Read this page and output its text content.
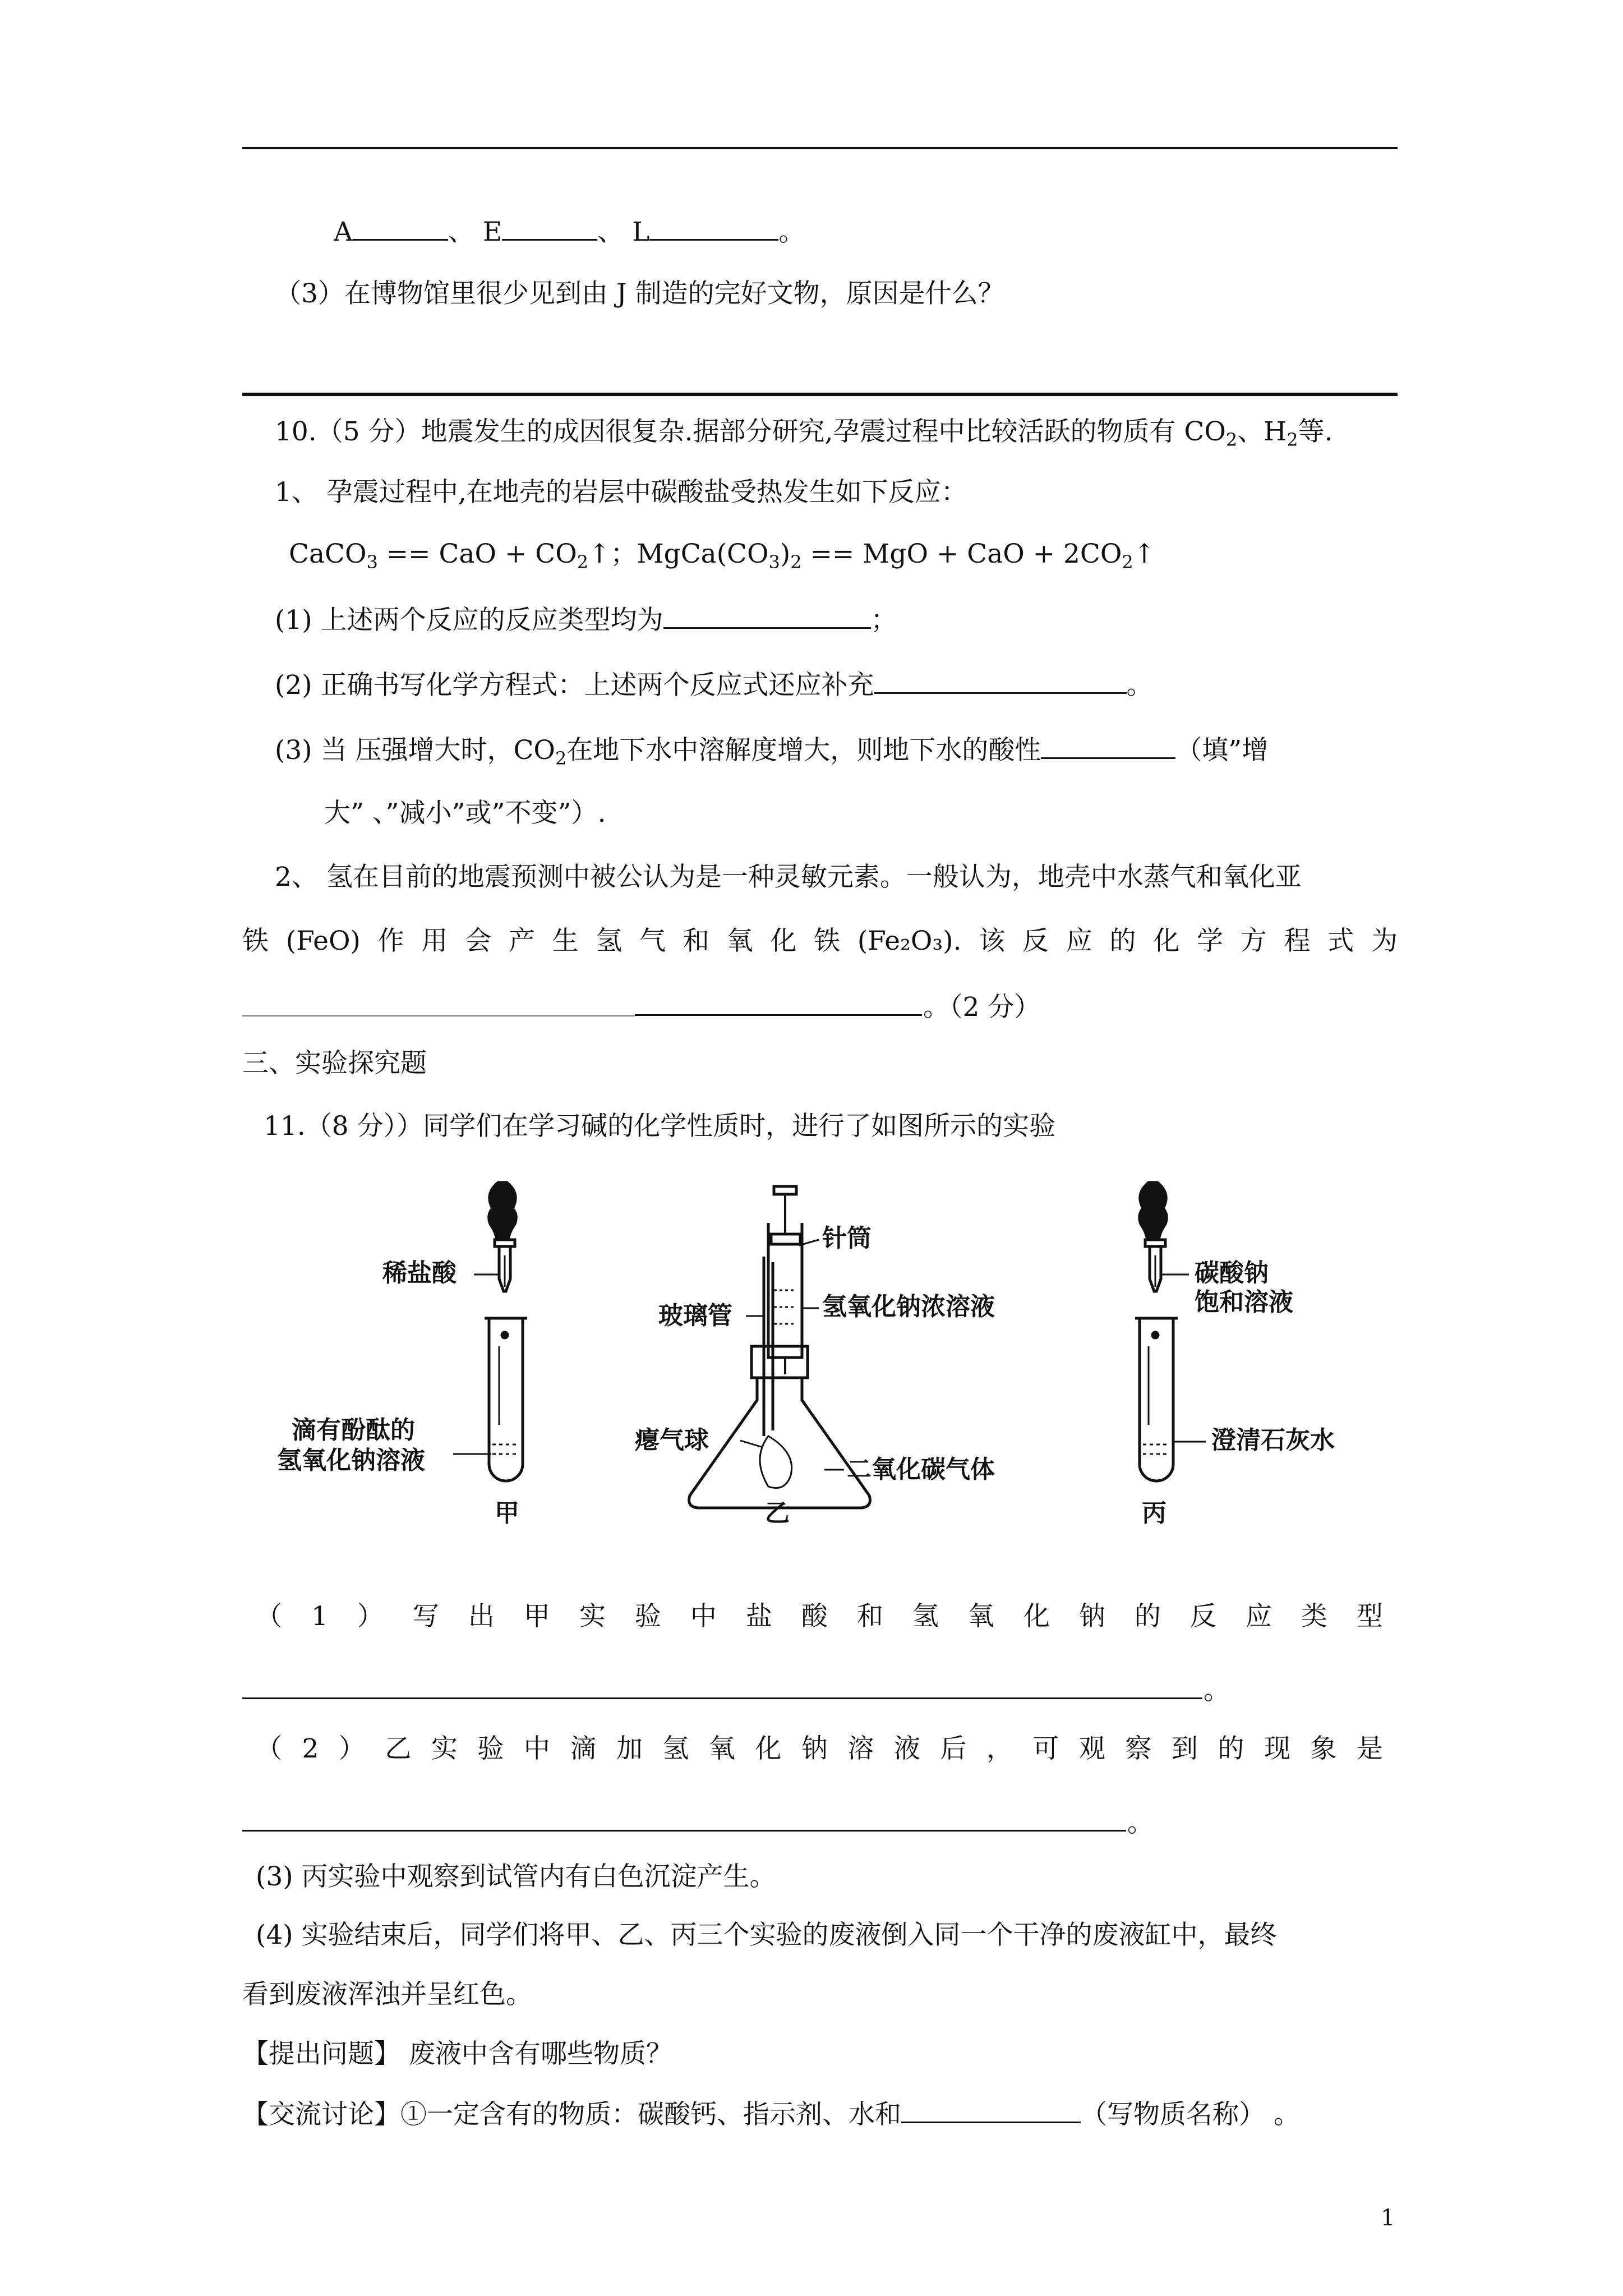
A	、 E	、 L	。
（3）在博物馆里很少见到由 J 制造的完好文物，原因是什么？
10.（5 分）地震发生的成因很复杂.据部分研究,孕震过程中比较活跃的物质有 $CO_2$、$H_2$等.
1、 孕震过程中,在地壳的岩层中碳酸盐受热发生如下反应：
CaCO$_3$ == CaO + $CO_2↑$；$MgCa(CO_3)_2$ == MgO + CaO + $2CO_2↑$
(1) 上述两个反应的反应类型均为	；
(2) 正确书写化学方程式：上述两个反应式还应补充	。
(3) 当 压强增大时，$CO_2$在地下水中溶解度增大，则地下水的酸性	（填”增
大” 、”减小”或”不变”）.
2、 氢在目前的地震预测中被公认为是一种灵敏元素。一般认为，地壳中水蒸气和氧化亚
铁 (FeO) 作 用 会 产 生 氢 气 和 氧 化 铁 (Fe₂O₃). 该 反 应 的 化 学 方 程 式 为
。（2 分）
三、实验探究题
11.（8 分））同学们在学习碱的化学性质时，进行了如图所示的实验
稀盐酸
滴有酚酞的
氢氧化钠溶液
甲
针筒
玻璃管	氢氧化钠浓溶液
瘪气球
二氧化碳气体
乙
碳酸钠
饱和溶液
澄清石灰水
丙
（ 1 ） 写 出 甲 实 验 中 盐 酸 和 氢 氧 化 钠 的 反 应 类 型
。
（ 2 ） 乙 实 验 中 滴 加 氢 氧 化 钠 溶 液 后 ， 可 观 察 到 的 现 象 是
。
(3) 丙实验中观察到试管内有白色沉淀产生。
(4) 实验结束后，同学们将甲、乙、丙三个实验的废液倒入同一个干净的废液缸中，最终
看到废液浑浊并呈红色。
【提出问题】 废液中含有哪些物质？
【交流讨论】①一定含有的物质：碳酸钙、指示剂、水和	（写物质名称） 。
1
